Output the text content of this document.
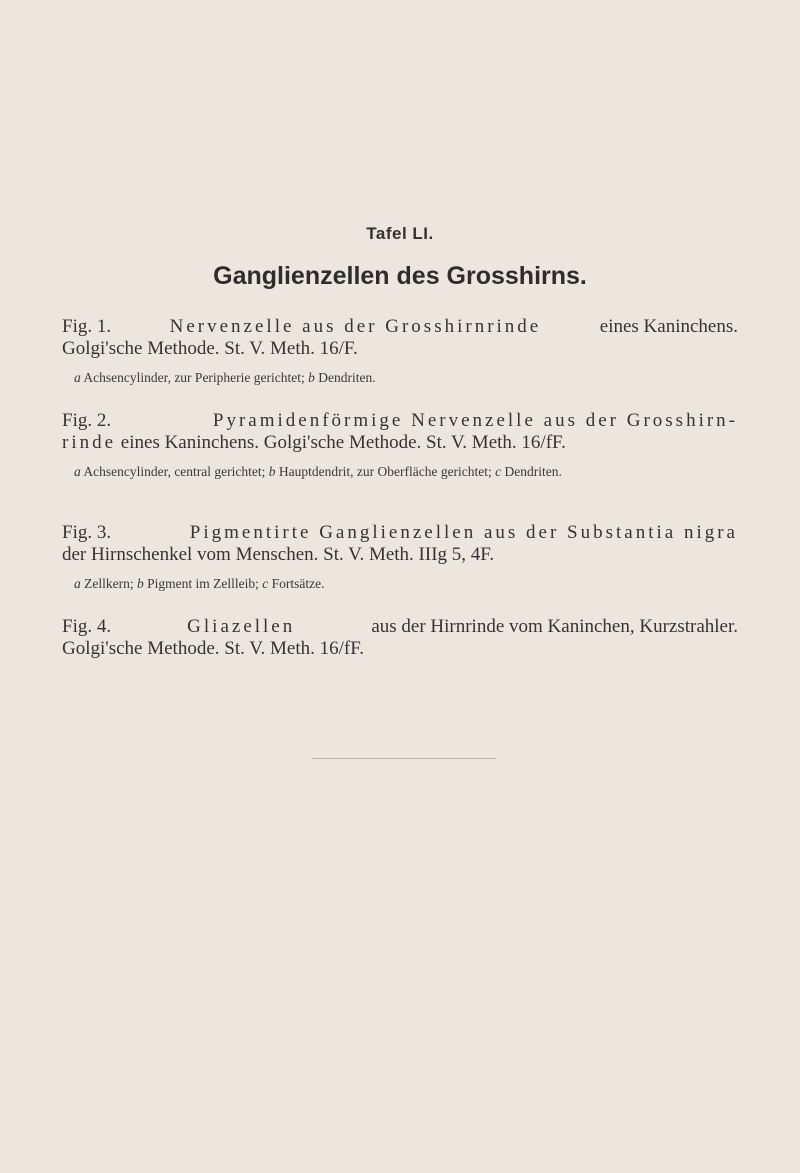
Tafel LI.
Ganglienzellen des Grosshirns.
Fig. 1.	Nervenzelle aus der Grosshirnrinde	eines Kaninchens.
Golgi'sche Methode. St. V. Meth. 16/F.
a Achsencylinder, zur Peripherie gerichtet; b Dendriten.
Fig. 2.	Pyramidenförmige Nervenzelle aus der Grosshirn-
rinde eines Kaninchens. Golgi'sche Methode. St. V. Meth. 16/fF.
a Achsencylinder, central gerichtet; b Hauptdendrit, zur Oberfläche gerichtet; c Dendriten.
Fig. 3.	Pigmentirte Ganglienzellen aus der Substantia nigra
der Hirnschenkel vom Menschen. St. V. Meth. IIIg 5, 4F.
a Zellkern; b Pigment im Zellleib; c Fortsätze.
Fig. 4.	Gliazellen	aus der Hirnrinde vom Kaninchen, Kurzstrahler.
Golgi'sche Methode. St. V. Meth. 16/fF.
